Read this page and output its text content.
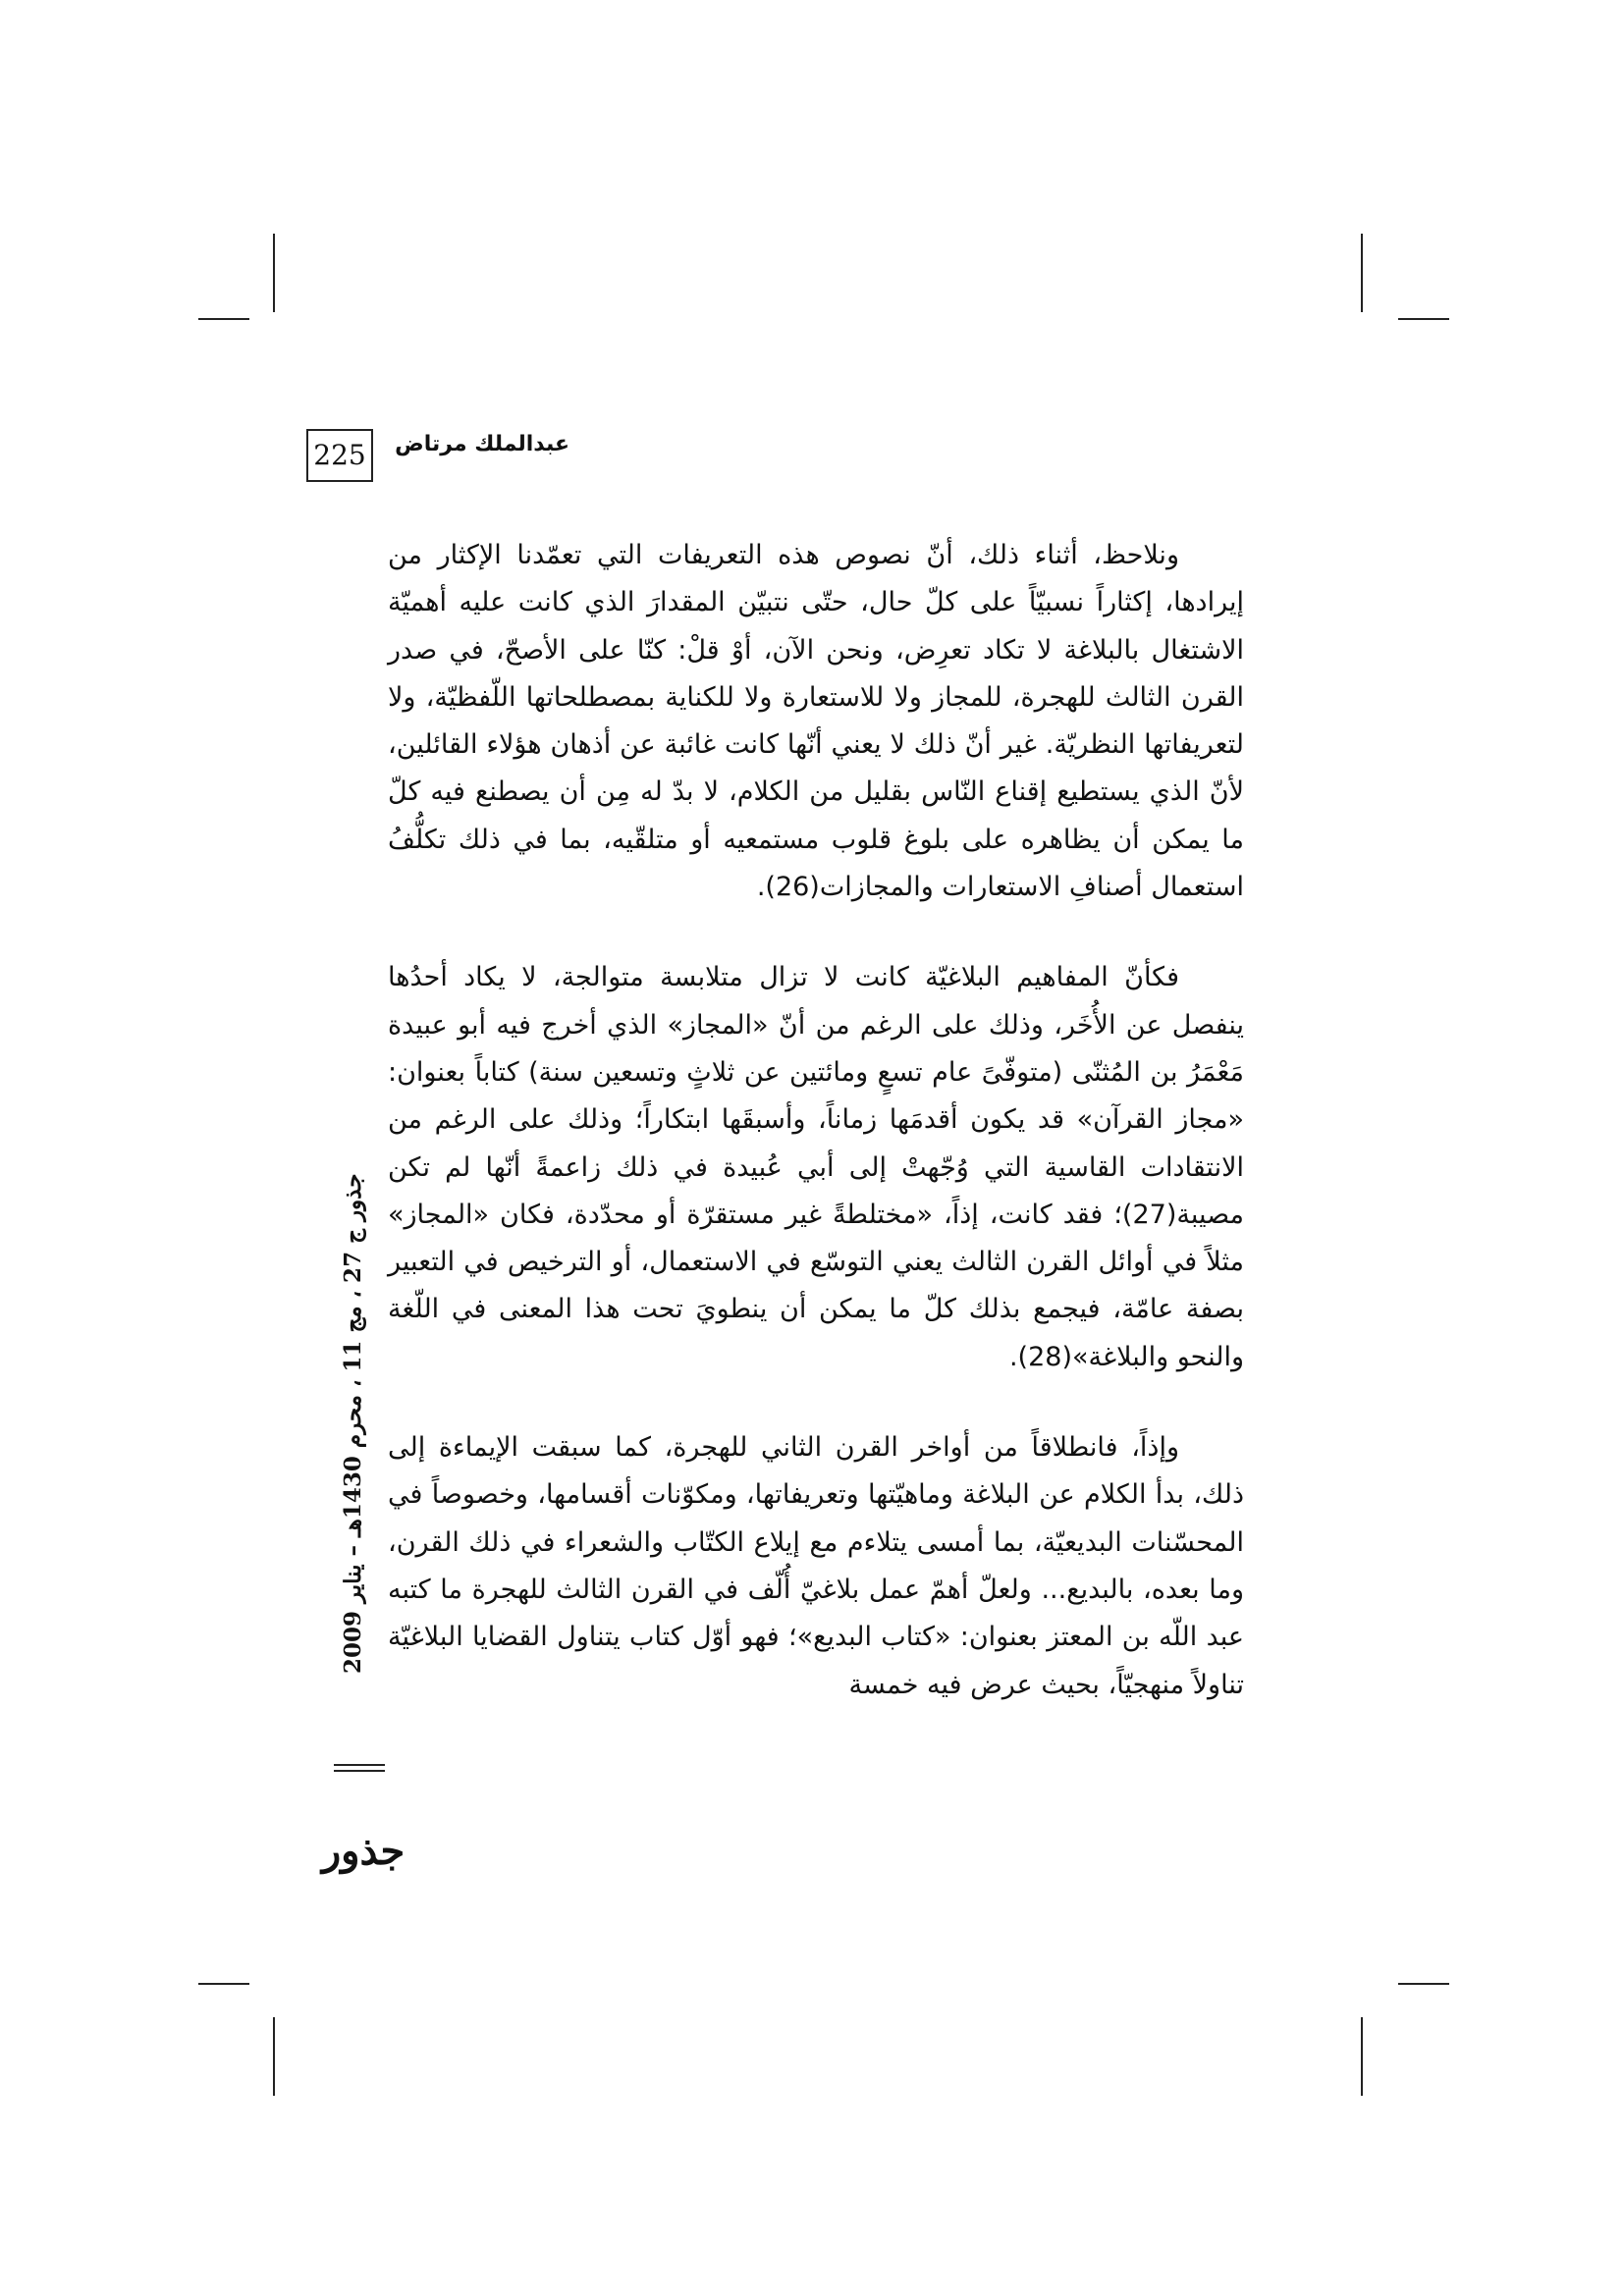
225	عبدالملك مرتاض

ونلاحظ، أثناء ذلك، أنّ نصوص هذه التعريفات التي تعمّدنا الإكثار من إيرادها، إكثاراً نسبيّاً على كلّ حال، حتّى نتبيّن المقدارَ الذي كانت عليه أهميّة الاشتغال بالبلاغة لا تكاد تعرِض، ونحن الآن، أوْ قلْ: كنّا على الأصحّ، في صدر القرن الثالث للهجرة، للمجاز ولا للاستعارة ولا للكناية بمصطلحاتها اللّفظيّة، ولا لتعريفاتها النظريّة. غير أنّ ذلك لا يعني أنّها كانت غائبة عن أذهان هؤلاء القائلين، لأنّ الذي يستطيع إقناع النّاس بقليل من الكلام، لا بدّ له مِن أن يصطنع فيه كلّ ما يمكن أن يظاهره على بلوغ قلوب مستمعيه أو متلقّيه، بما في ذلك تكلُّفُ استعمال أصنافِ الاستعارات والمجازات(26).

فكأنّ المفاهيم البلاغيّة كانت لا تزال متلابسة متوالجة، لا يكاد أحدُها ينفصل عن الأُخَر، وذلك على الرغم من أنّ «المجاز» الذي أخرج فيه أبو عبيدة مَعْمَرُ بن المُثنّى (متوفّىً عام تسعٍ ومائتين عن ثلاثٍ وتسعين سنة) كتاباً بعنوان: «مجاز القرآن» قد يكون أقدمَها زماناً، وأسبقَها ابتكاراً؛ وذلك على الرغم من الانتقادات القاسية التي وُجّهتْ إلى أبي عُبيدة في ذلك زاعمةً أنّها لم تكن مصيبة(27)؛ فقد كانت، إذاً، «مختلطةً غير مستقرّة أو محدّدة، فكان «المجاز» مثلاً في أوائل القرن الثالث يعني التوسّع في الاستعمال، أو الترخيص في التعبير بصفة عامّة، فيجمع بذلك كلّ ما يمكن أن ينطويَ تحت هذا المعنى في اللّغة والنحو والبلاغة»(28).

وإذاً، فانطلاقاً من أواخر القرن الثاني للهجرة، كما سبقت الإيماءة إلى ذلك، بدأ الكلام عن البلاغة وماهيّتها وتعريفاتها، ومكوّنات أقسامها، وخصوصاً في المحسّنات البديعيّة، بما أمسى يتلاءم مع إيلاع الكتّاب والشعراء في ذلك القرن، وما بعده، بالبديع... ولعلّ أهمّ عمل بلاغيّ أُلّف في القرن الثالث للهجرة ما كتبه عبد اللّه بن المعتز بعنوان: «كتاب البديع»؛ فهو أوّل كتاب يتناول القضايا البلاغيّة تناولاً منهجيّاً، بحيث عرض فيه خمسة

جذور ج 27 ، مج 11 ، محرم 1430هـ – يناير 2009
جذور
